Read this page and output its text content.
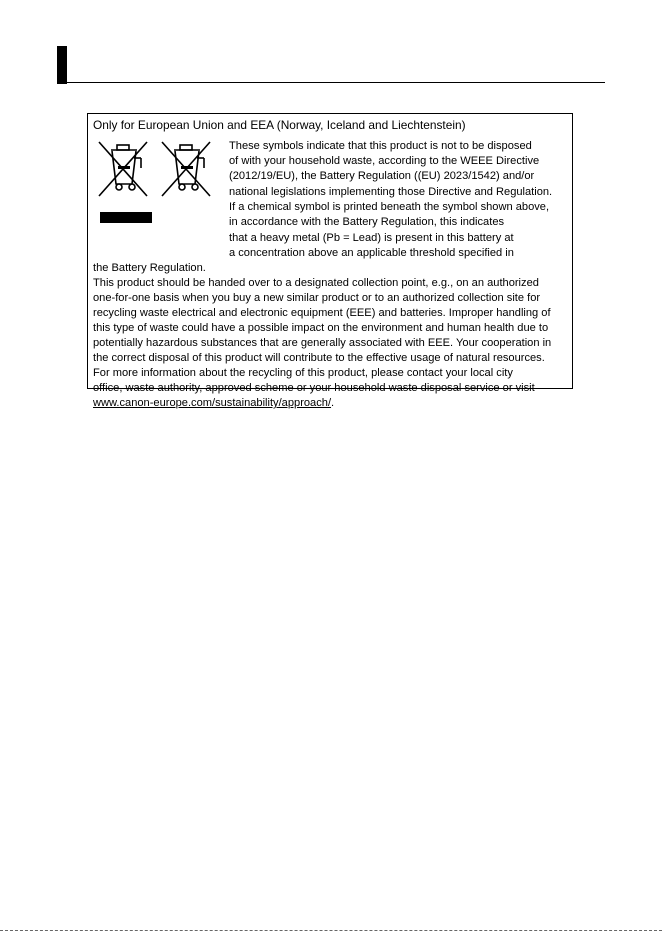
Only for European Union and EEA (Norway, Iceland and Liechtenstein)

These symbols indicate that this product is not to be disposed

of with your household waste, according to the WEEE Directive

(2012/19/EU), the Battery Regulation ((EU) 2023/1542) and/or

national legislations implementing those Directive and Regulation.

If a chemical symbol is printed beneath the symbol shown above,

in accordance with the Battery Regulation, this indicates

that a heavy metal (Pb = Lead) is present in this battery at

a concentration above an applicable threshold specified in

the Battery Regulation.

This product should be handed over to a designated collection point, e.g., on an authorized

one-for-one basis when you buy a new similar product or to an authorized collection site for

recycling waste electrical and electronic equipment (EEE) and batteries. Improper handling of

this type of waste could have a possible impact on the environment and human health due to

potentially hazardous substances that are generally associated with EEE. Your cooperation in

the correct disposal of this product will contribute to the effective usage of natural resources.

For more information about the recycling of this product, please contact your local city

office, waste authority, approved scheme or your household waste disposal service or visit

www.canon-europe.com/sustainability/approach/.
